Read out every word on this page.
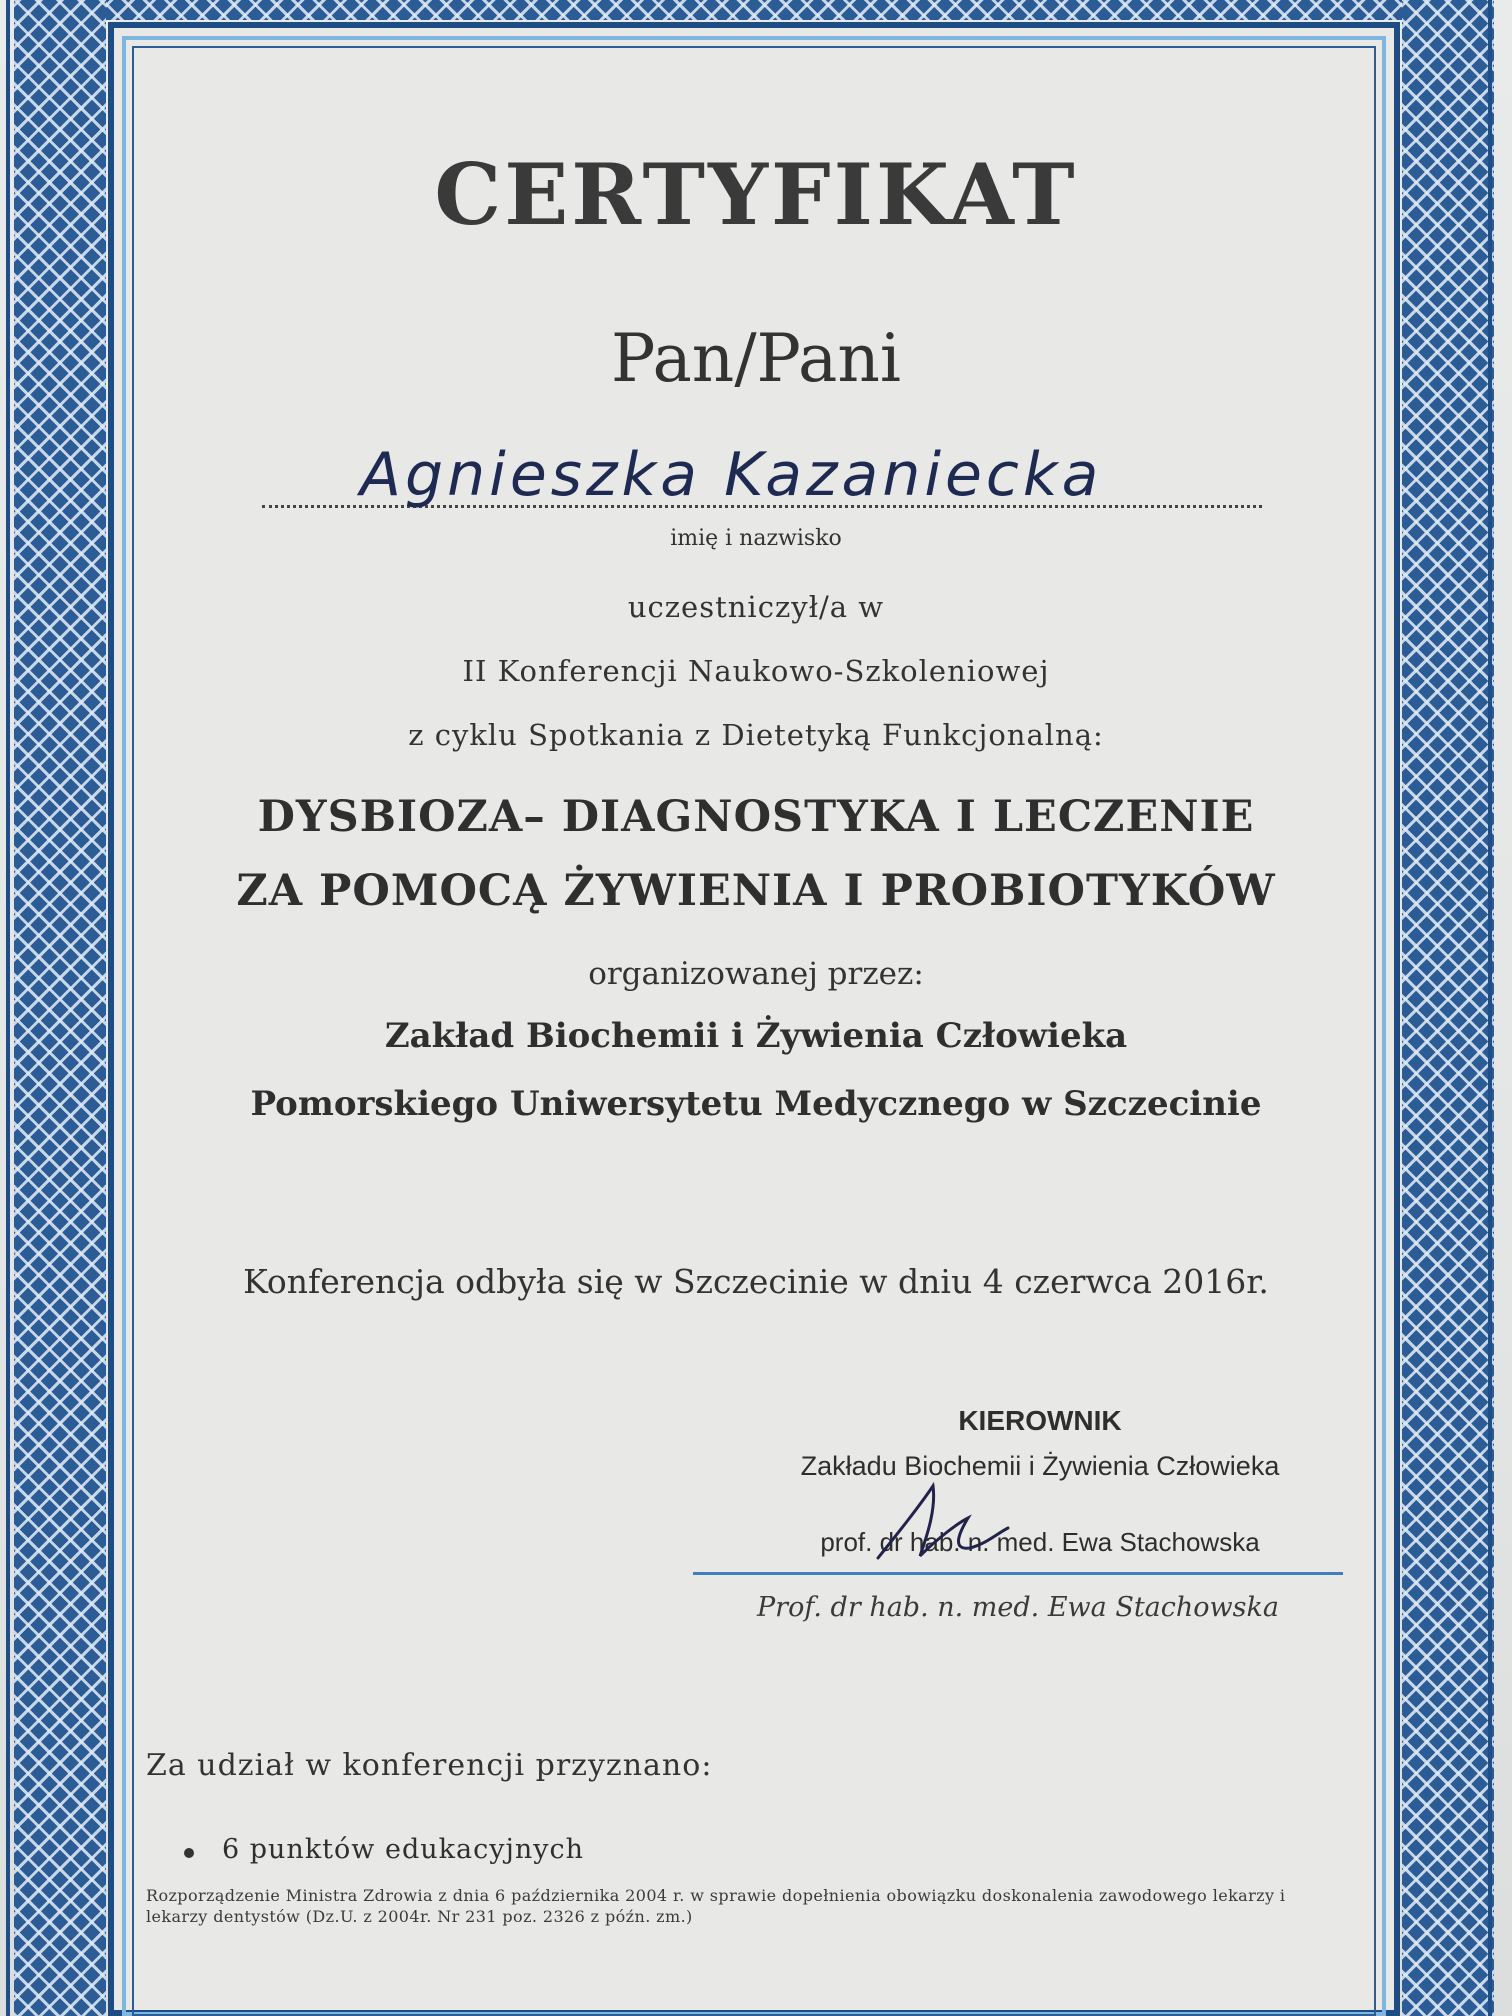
CERTYFIKAT
Pan/Pani
Agnieszka Kazaniecka
imię i nazwisko
uczestniczył/a w
II Konferencji Naukowo-Szkoleniowej
z cyklu Spotkania z Dietetyką Funkcjonalną:
DYSBIOZA– DIAGNOSTYKA I LECZENIE
ZA POMOCĄ ŻYWIENIA I PROBIOTYKÓW
organizowanej przez:
Zakład Biochemii i Żywienia Człowieka
Pomorskiego Uniwersytetu Medycznego w Szczecinie
Konferencja odbyła się w Szczecinie w dniu 4 czerwca 2016r.
KIEROWNIK
Zakładu Biochemii i Żywienia Człowieka
prof. dr hab. n. med. Ewa Stachowska
Prof. dr hab. n. med. Ewa Stachowska
Za udział w konferencji przyznano:
6 punktów edukacyjnych
Rozporządzenie Ministra Zdrowia z dnia 6 października 2004 r. w sprawie dopełnienia obowiązku doskonalenia zawodowego lekarzy i lekarzy dentystów (Dz.U. z 2004r. Nr 231 poz. 2326 z późn. zm.)
